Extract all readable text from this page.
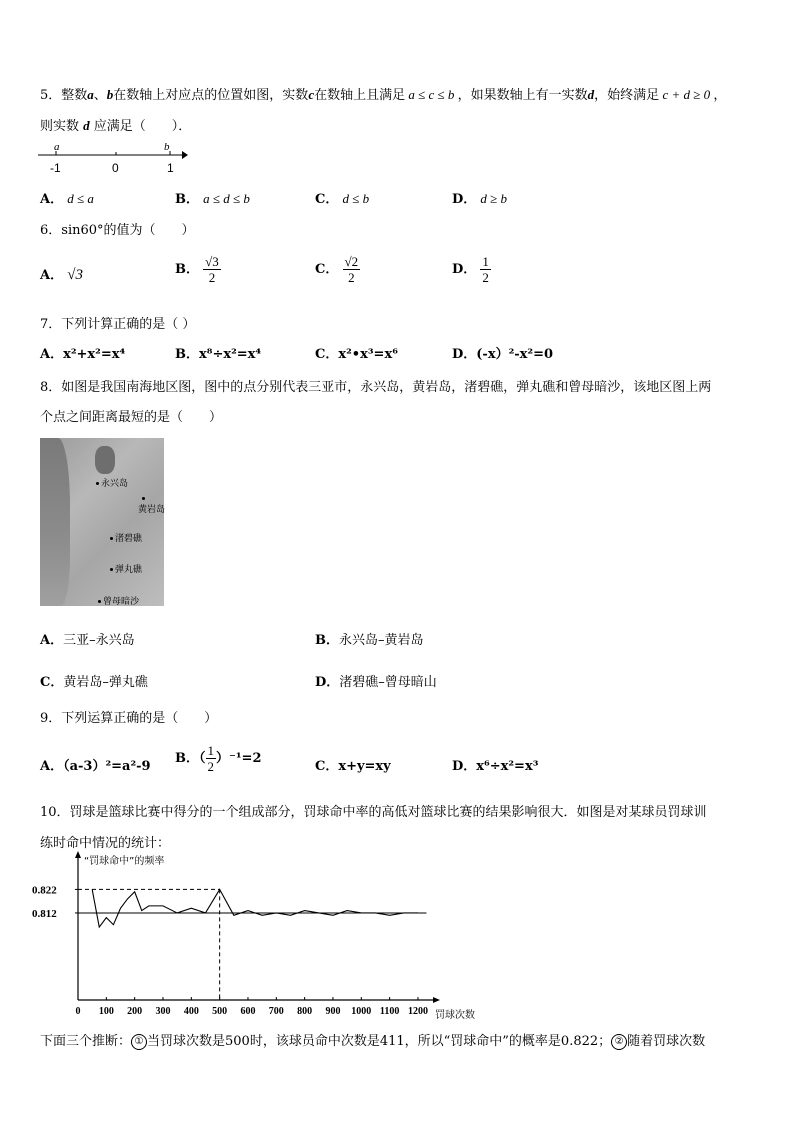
5．整数a、b在数轴上对应点的位置如图，实数c在数轴上且满足 a ≤ c ≤ b ，如果数轴上有一实数d，始终满足 c + d ≥ 0 ，
则实数 d 应满足（　　）．
a	b
-1	0	1
A． d ≤ a	B． a ≤ d ≤ b	C． d ≤ b	D． d ≥ b
6．sin60°的值为（　　）
A． √3	B． $\frac{√3}{2}$	C． $\frac{√2}{2}$	D． $\frac{1}{2}$
7．下列计算正确的是（ ）
A．x²+x²=x⁴	B．x⁸÷x²=x⁴	C．x²•x³=x⁶	D．(-x）²-x²=0
8．如图是我国南海地区图，图中的点分别代表三亚市，永兴岛，黄岩岛，渚碧礁，弹丸礁和曾母暗沙，该地区图上两
个点之间距离最短的是（　　）
永兴岛
黄岩岛
渚碧礁
弹丸礁
曾母暗沙
A．三亚–永兴岛	B．永兴岛–黄岩岛
C．黄岩岛–弹丸礁	D．渚碧礁–曾母暗山
9．下列运算正确的是（　　）
A．（a-3）²=a²-9
B．（ $\frac{1}{2} )^{-1}=2$
C．x+y=xy	D．x⁶÷x²=x³
10．罚球是篮球比赛中得分的一个组成部分，罚球命中率的高低对篮球比赛的结果影响很大．如图是对某球员罚球训
练时命中情况的统计：
“罚球命中”的频率
罚球次数
0.812
0.822
0 100 200 300 400 500 600 700 800 900 1000 1100 1200
下面三个推断： ① 当罚球次数是500时，该球员命中次数是411，所以“罚球命中”的概率是0.822； ② 随着罚球次数
